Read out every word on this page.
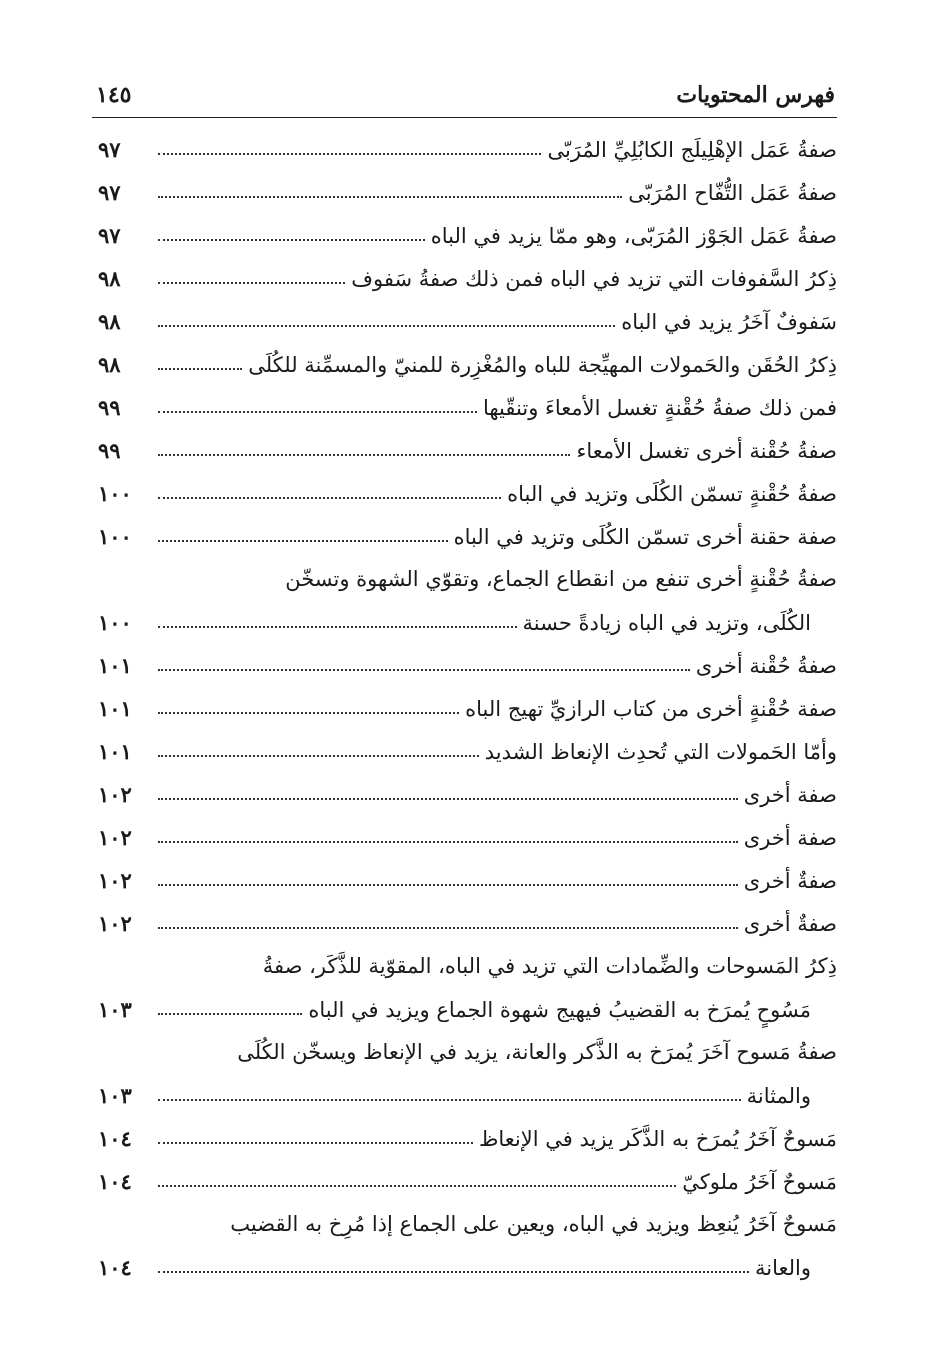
فهرس المحتويات
١٤٥
صفةُ عَمَل الإهْلِيلَج الكابُلِيِّ المُرَبّى
٩٧
صفةُ عَمَل التُّفّاح المُرَبّى
٩٧
صفةُ عَمَل الجَوْز المُرَبّى، وهو ممّا يزيد في الباه
٩٧
ذِكرُ السَّفوفات التي تزيد في الباه فمن ذلك صفةُ سَفوف
٩٨
سَفوفٌ آخَرُ يزيد في الباه
٩٨
ذِكرُ الحُقَن والحَمولات المهيِّجة للباه والمُغْزِرة للمنيّ والمسمِّنة للكُلَى
٩٨
فمن ذلك صفةُ حُقْنةٍ تغسل الأمعاءَ وتنقّيها
٩٩
صفةُ حُقْنة أخرى تغسل الأمعاء
٩٩
صفةُ حُقْنةٍ تسمّن الكُلَى وتزيد في الباه
١٠٠
صفة حقنة أخرى تسمّن الكُلَى وتزيد في الباه
١٠٠
صفةُ حُقْنةٍ أخرى تنفع من انقطاع الجماع، وتقوّي الشهوة وتسخّن
الكُلَى، وتزيد في الباه زيادةً حسنة
١٠٠
صفةُ حُقْنة أخرى
١٠١
صفة حُقْنةٍ أخرى من كتاب الرازيِّ تهيج الباه
١٠١
وأمّا الحَمولات التي تُحدِث الإنعاظ الشديد
١٠١
صفة أخرى
١٠٢
صفة أخرى
١٠٢
صفةٌ أخرى
١٠٢
صفةٌ أخرى
١٠٢
ذِكرُ المَسوحات والضِّمادات التي تزيد في الباه، المقوّية للذَّكَر، صفةُ
مَسُوحٍ يُمرَخ به القضيبُ فيهيج شهوة الجماع ويزيد في الباه
١٠٣
صفةُ مَسوح آخَرَ يُمرَخ به الذَّكر والعانة، يزيد في الإنعاظ ويسخّن الكُلَى
والمثانة
١٠٣
مَسوحٌ آخَرُ يُمرَخ به الذَّكَر يزيد في الإنعاظ
١٠٤
مَسوحٌ آخَرُ ملوكيّ
١٠٤
مَسوحٌ آخَرُ يُنعِظ ويزيد في الباه، ويعين على الجماع إذا مُرِخ به القضيب
والعانة
١٠٤
